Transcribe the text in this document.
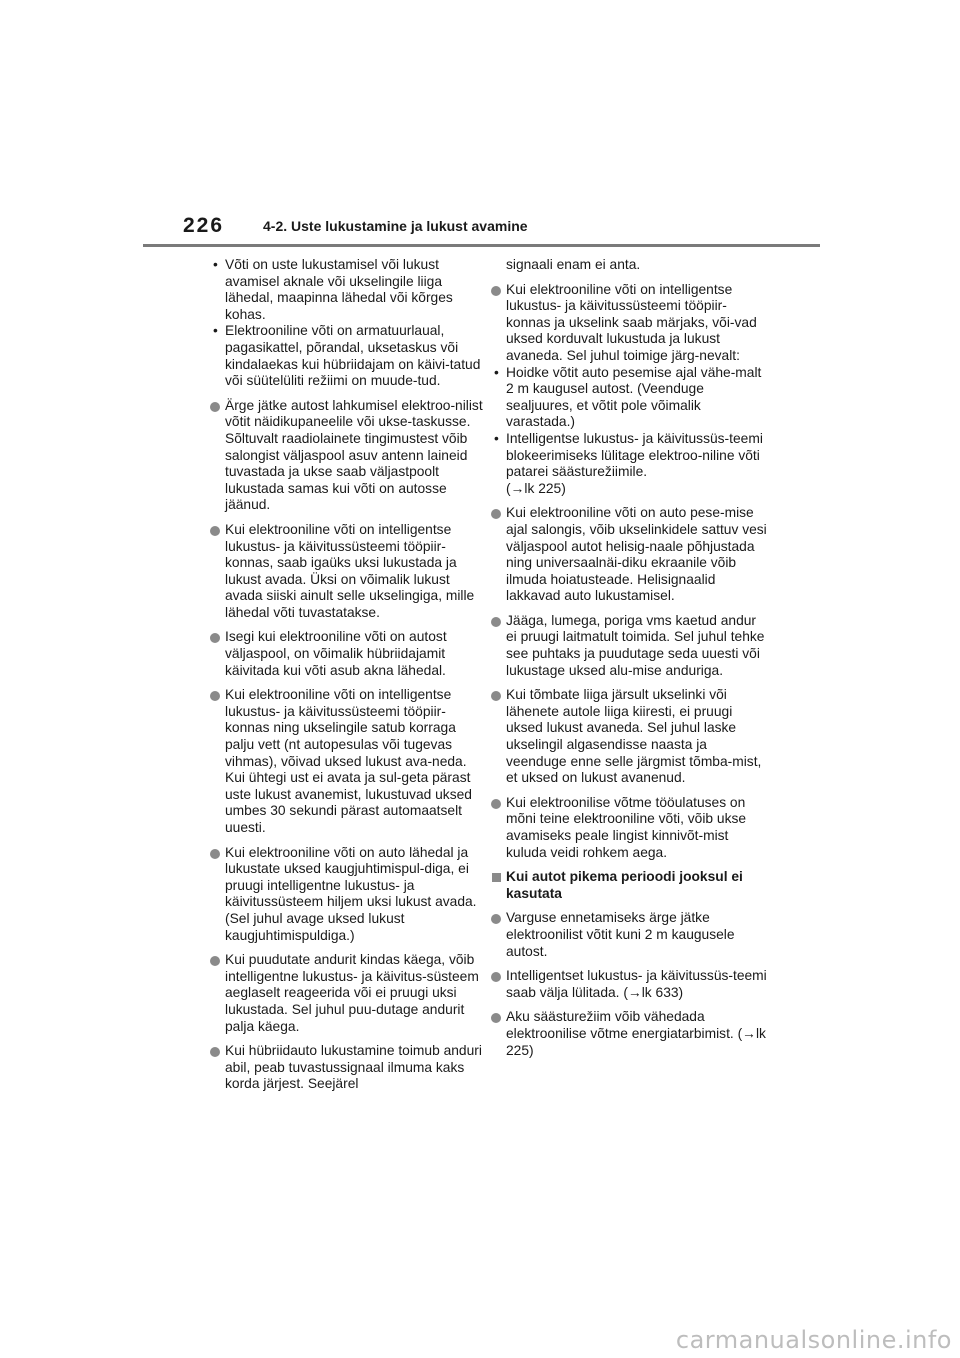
226	4-2. Uste lukustamine ja lukust avamine
• Võti on uste lukustamisel või lukust avamisel aknale või ukselingile liiga lähedal, maapinna lähedal või kõrges kohas.
• Elektrooniline võti on armatuurlaual, pagasikattel, põrandal, uksetaskus või kindalaekas kui hübriidajam on käivi-tatud või süütelüliti režiimi on muude-tud.
Ärge jätke autost lahkumisel elektroo-nilist võtit näidikupaneelile või ukse-taskusse. Sõltuvalt raadiolainete tingimustest võib salongist väljaspool asuv antenn laineid tuvastada ja ukse saab väljastpoolt lukustada samas kui võti on autosse jäänud.
Kui elektrooniline võti on intelligentse lukustus- ja käivitussüsteemi tööpiir-konnas, saab igaüks uksi lukustada ja lukust avada. Üksi on võimalik lukust avada siiski ainult selle ukselingiga, mille lähedal võti tuvastatakse.
Isegi kui elektrooniline võti on autost väljaspool, on võimalik hübriidajamit käivitada kui võti asub akna lähedal.
Kui elektrooniline võti on intelligentse lukustus- ja käivitussüsteemi tööpiir-konnas ning ukselingile satub korraga palju vett (nt autopesulas või tugevas vihmas), võivad uksed lukust ava-neda. Kui ühtegi ust ei avata ja sul-geta pärast uste lukust avanemist, lukustuvad uksed umbes 30 sekundi pärast automaatselt uuesti.
Kui elektrooniline võti on auto lähedal ja lukustate uksed kaugjuhtimispul-diga, ei pruugi intelligentne lukustus- ja käivitussüsteem hiljem uksi lukust avada. (Sel juhul avage uksed lukust kaugjuhtimispuldiga.)
Kui puudutate andurit kindas käega, võib intelligentne lukustus- ja käivitus-süsteem aeglaselt reageerida või ei pruugi uksi lukustada. Sel juhul puu-dutage andurit palja käega.
Kui hübriidauto lukustamine toimub anduri abil, peab tuvastussignaal ilmuma kaks korda järjest. Seejärel
signaali enam ei anta.
Kui elektrooniline võti on intelligentse lukustus- ja käivitussüsteemi tööpiir-konnas ja ukselink saab märjaks, või-vad uksed korduvalt lukustuda ja lukust avaneda. Sel juhul toimige järg-nevalt:
• Hoidke võtit auto pesemise ajal vähe-malt 2 m kaugusel autost. (Veenduge sealjuures, et võtit pole võimalik varastada.)
• Intelligentse lukustus- ja käivitussüs-teemi blokeerimiseks lülitage elektroo-niline võti patarei säästurežiimile.
(→lk 225)
Kui elektrooniline võti on auto pese-mise ajal salongis, võib ukselinkidele sattuv vesi väljaspool autot helisig-naale põhjustada ning universaalnäi-diku ekraanile võib ilmuda hoiatusteade. Helisignaalid lakkavad auto lukustamisel.
Jääga, lumega, poriga vms kaetud andur ei pruugi laitmatult toimida. Sel juhul tehke see puhtaks ja puudutage seda uuesti või lukustage uksed alu-mise anduriga.
Kui tõmbate liiga järsult ukselinki või lähenete autole liiga kiiresti, ei pruugi uksed lukust avaneda. Sel juhul laske ukselingil algasendisse naasta ja veenduge enne selle järgmist tõmba-mist, et uksed on lukust avanenud.
Kui elektroonilise võtme tööulatuses on mõni teine elektrooniline võti, võib ukse avamiseks peale lingist kinnivõt-mist kuluda veidi rohkem aega.
Kui autot pikema perioodi jooksul ei kasutata
Varguse ennetamiseks ärge jätke elektroonilist võtit kuni 2 m kaugusele autost.
Intelligentset lukustus- ja käivitussüs-teemi saab välja lülitada. (→lk 633)
Aku säästurežiim võib vähedada elektroonilise võtme energiatarbimist. (→lk 225)
carmanualsonline.info
